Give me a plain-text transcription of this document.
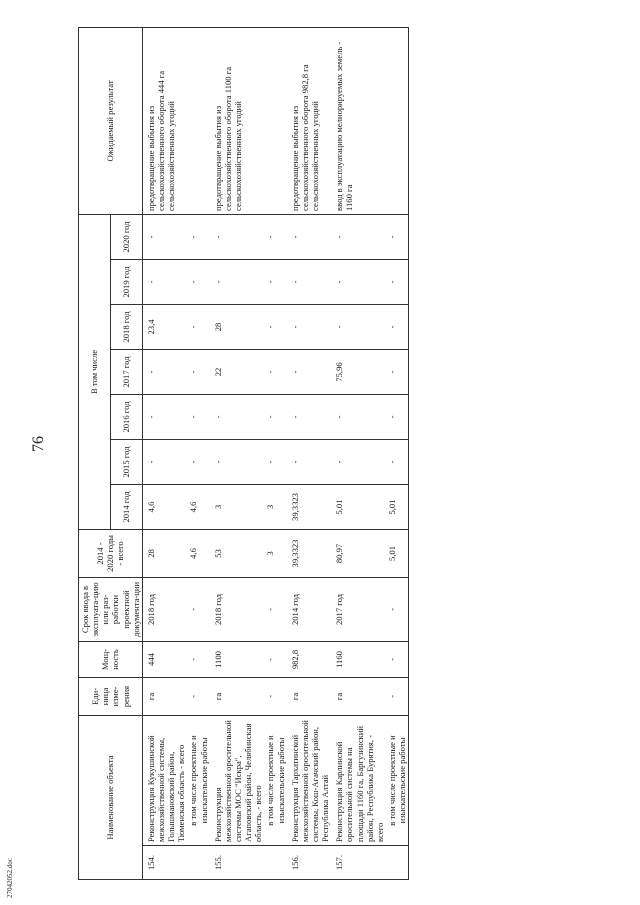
76
Наименование объекта		Еди-ница изме-рения	Мощ-ность	Срок ввода в эксплуата-цию или раз-работки проектной документа-ции	2014 - 2020 годы - всего	В том числе							Ожидаемый результат
						2014 год	2015 год	2016 год	2017 год	2018 год	2019 год	2020 год	
154.	Реконструкция Кукушинской межхозяйственной системы, Голышмановский район, Тюменская область - всего	га	444	2018 год	28	4,6	-	-	-	23,4	-	-	предотвращение выбытия из сельскохозяйственного оборота 444 га сельскохозяйственных угодий
	в том числе проектные и изыскательские работы	-	-	-	4,6	4,6	-	-	-	-	-	-	
155.	Реконструкция межхозяйственной оросительной системы МОС "Искра", Агаповский район, Челябинская область, - всего	га	1100	2018 год	53	3	-	-	22	28	-	-	предотвращение выбытия из сельскохозяйственного оборота 1100 га сельскохозяйственных угодий
	в том числе проектные и изыскательские работы	-	-	-	3	3	-	-	-	-	-	-	
156.	Реконструкция Тархатинской межхозяйственной оросительной системы, Кош-Агачский район, Республика Алтай	га	982,8	2014 год	39,3323	39,3323	-	-	-	-	-	-	предотвращение выбытия из сельскохозяйственного оборота 982,8 га сельскохозяйственных угодий
157.	Реконструкция Карлинской оросительной системы на площади 1160 га, Баргузинский район, Республика Бурятия, - всего	га	1160	2017 год	80,97	5,01	-	-	75,96	-	-	-	ввод в эксплуатацию мелиорируемых земель - 1160 га
	в том числе проектные и изыскательские работы	-	-	-	5,01	5,01	-	-	-	-	-	-	
27042052.doc
